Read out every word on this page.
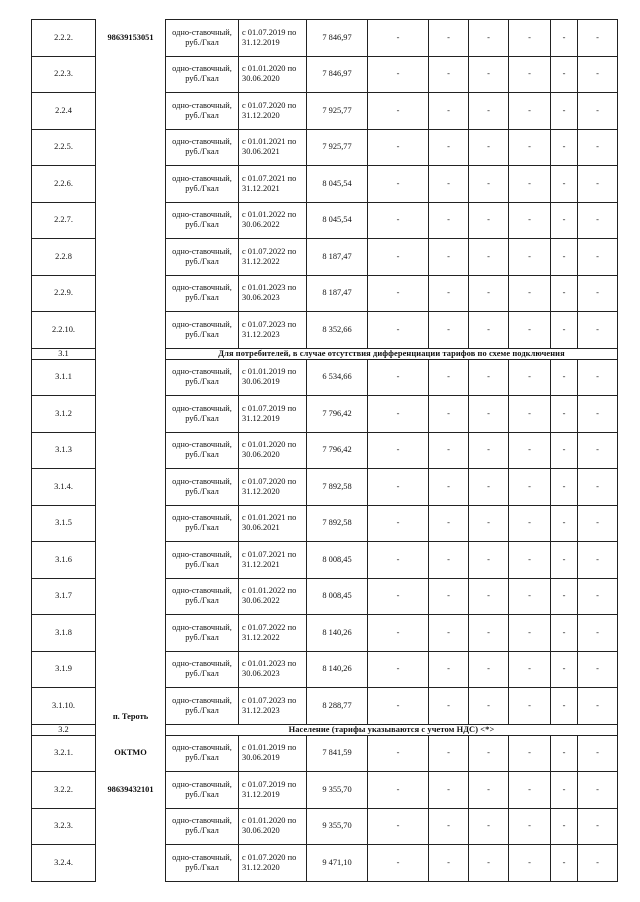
2.2.2.	98639153051	одно-ставочный, руб./Гкал	с 01.07.2019 по 31.12.2019	7 846,97	-	-	-	-	-	-
2.2.3.		одно-ставочный, руб./Гкал	с 01.01.2020 по 30.06.2020	7 846,97	-	-	-	-	-	-
2.2.4		одно-ставочный, руб./Гкал	с 01.07.2020 по 31.12.2020	7 925,77	-	-	-	-	-	-
2.2.5.		одно-ставочный, руб./Гкал	с 01.01.2021 по 30.06.2021	7 925,77	-	-	-	-	-	-
2.2.6.		одно-ставочный, руб./Гкал	с 01.07.2021 по 31.12.2021	8 045,54	-	-	-	-	-	-
2.2.7.		одно-ставочный, руб./Гкал	с 01.01.2022 по 30.06.2022	8 045,54	-	-	-	-	-	-
2.2.8		одно-ставочный, руб./Гкал	с 01.07.2022 по 31.12.2022	8 187,47	-	-	-	-	-	-
2.2.9.		одно-ставочный, руб./Гкал	с 01.01.2023 по 30.06.2023	8 187,47	-	-	-	-	-	-
2.2.10.		одно-ставочный, руб./Гкал	с 01.07.2023 по 31.12.2023	8 352,66	-	-	-	-	-	-
3.1		Для потребителей, в случае отсутствия дифференциации тарифов по схеме подключения								
3.1.1		одно-ставочный, руб./Гкал	с 01.01.2019 по 30.06.2019	6 534,66	-	-	-	-	-	-
3.1.2		одно-ставочный, руб./Гкал	с 01.07.2019 по 31.12.2019	7 796,42	-	-	-	-	-	-
3.1.3		одно-ставочный, руб./Гкал	с 01.01.2020 по 30.06.2020	7 796,42	-	-	-	-	-	-
3.1.4.		одно-ставочный, руб./Гкал	с 01.07.2020 по 31.12.2020	7 892,58	-	-	-	-	-	-
3.1.5		одно-ставочный, руб./Гкал	с 01.01.2021 по 30.06.2021	7 892,58	-	-	-	-	-	-
3.1.6		одно-ставочный, руб./Гкал	с 01.07.2021 по 31.12.2021	8 008,45	-	-	-	-	-	-
3.1.7		одно-ставочный, руб./Гкал	с 01.01.2022 по 30.06.2022	8 008,45	-	-	-	-	-	-
3.1.8		одно-ставочный, руб./Гкал	с 01.07.2022 по 31.12.2022	8 140,26	-	-	-	-	-	-
3.1.9		одно-ставочный, руб./Гкал	с 01.01.2023 по 30.06.2023	8 140,26	-	-	-	-	-	-
3.1.10.	п. Тероть	одно-ставочный, руб./Гкал	с 01.07.2023 по 31.12.2023	8 288,77	-	-	-	-	-	-
3.2		Население (тарифы указываются с учетом НДС) <*>								
3.2.1.	ОКТМО	одно-ставочный, руб./Гкал	с 01.01.2019 по 30.06.2019	7 841,59	-	-	-	-	-	-
3.2.2.	98639432101	одно-ставочный, руб./Гкал	с 01.07.2019 по 31.12.2019	9 355,70	-	-	-	-	-	-
3.2.3.		одно-ставочный, руб./Гкал	с 01.01.2020 по 30.06.2020	9 355,70	-	-	-	-	-	-
3.2.4.		одно-ставочный, руб./Гкал	с 01.07.2020 по 31.12.2020	9 471,10	-	-	-	-	-	-
